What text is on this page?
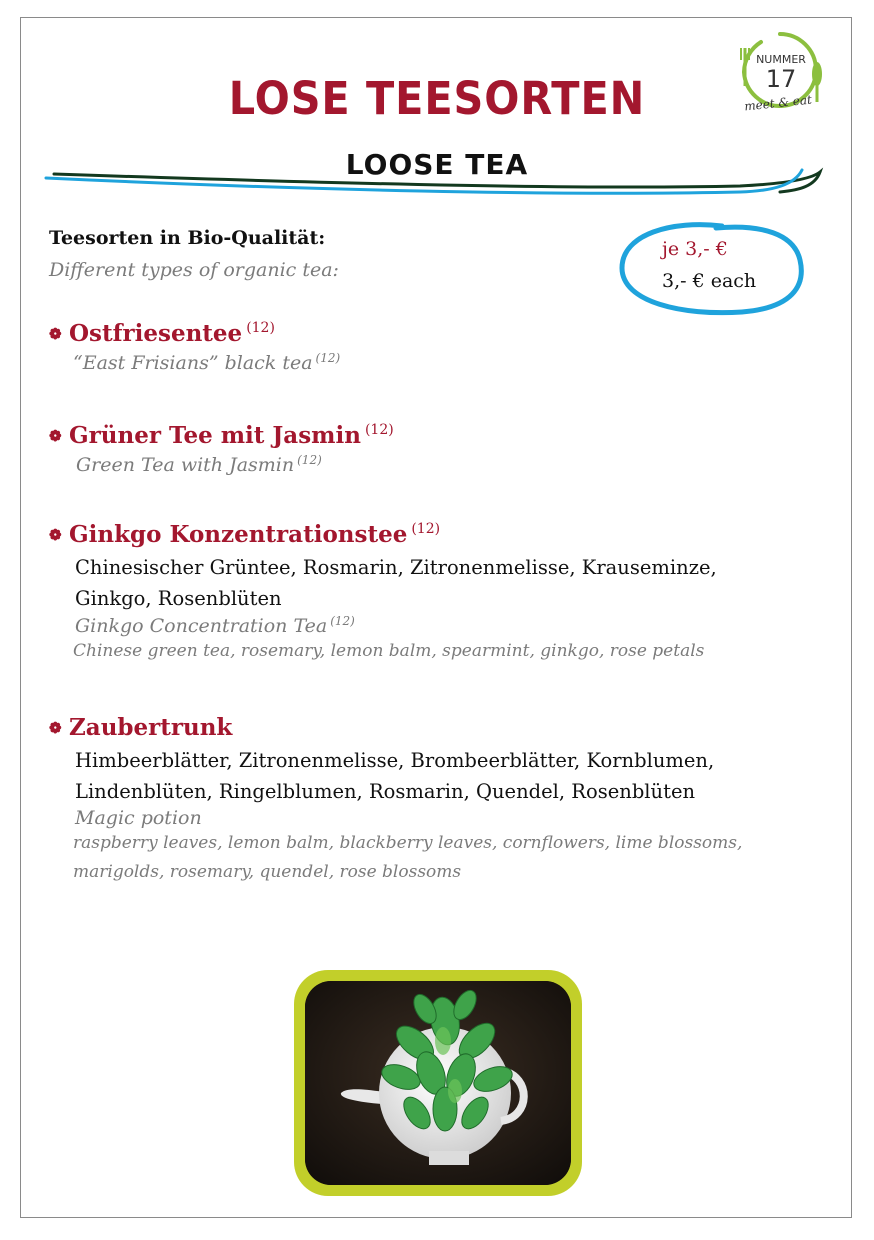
NUMMER
17
meet & eat
LOSE TEESORTEN
LOOSE TEA
Teesorten in Bio-Qualität:
Different types of organic tea:
je 3,- €
3,- € each
❁ Ostfriesentee $^{(12)}$
“East Frisians” black tea $^{(12)}$
❁ Grüner Tee mit Jasmin $^{(12)}$
Green Tea with Jasmin $^{(12)}$
❁ Ginkgo Konzentrationstee $^{(12)}$
Chinesischer Grüntee, Rosmarin, Zitronenmelisse, Krauseminze, Ginkgo, Rosenblüten
Ginkgo Concentration Tea $^{(12)}$
Chinese green tea, rosemary, lemon balm, spearmint, ginkgo, rose petals
❁ Zaubertrunk
Himbeerblätter, Zitronenmelisse, Brombeerblätter, Kornblumen, Lindenblüten, Ringelblumen, Rosmarin, Quendel, Rosenblüten
Magic potion
raspberry leaves, lemon balm, blackberry leaves, cornflowers, lime blossoms, marigolds, rosemary, quendel, rose blossoms
